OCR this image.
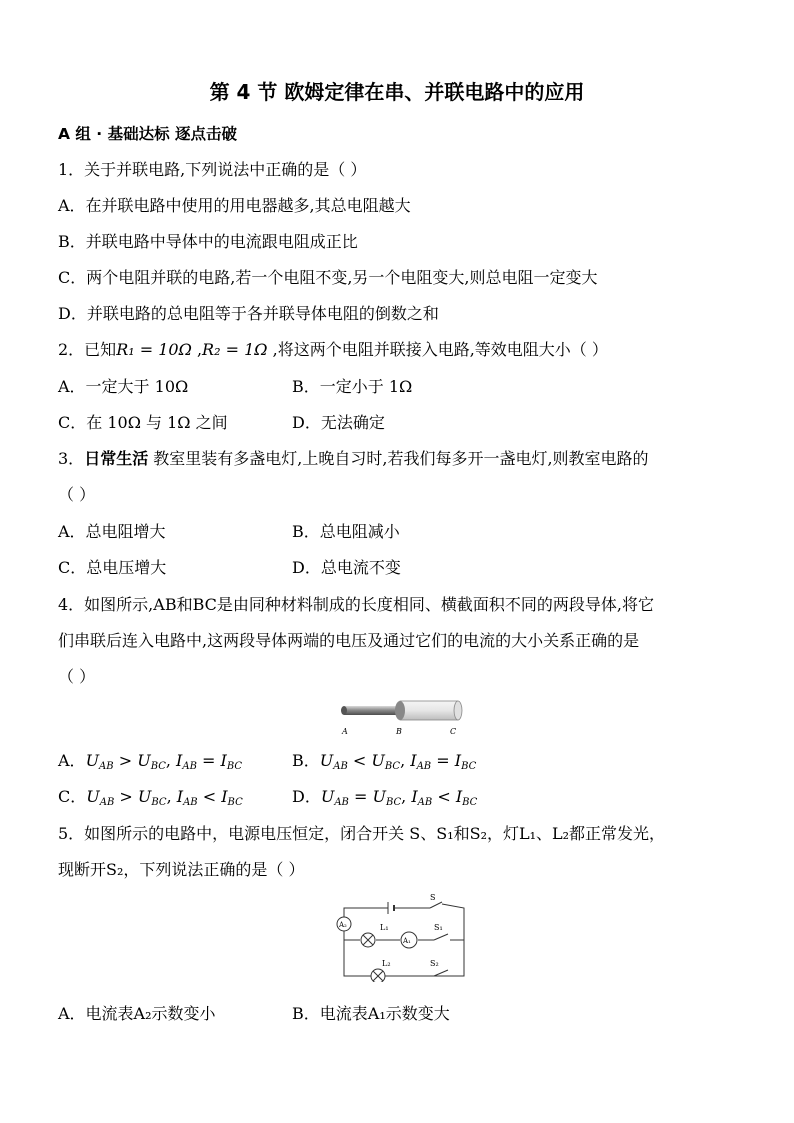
第 4 节 欧姆定律在串、并联电路中的应用
A 组 · 基础达标 逐点击破
1．关于并联电路,下列说法中正确的是（ ）
A．在并联电路中使用的用电器越多,其总电阻越大
B．并联电路中导体中的电流跟电阻成正比
C．两个电阻并联的电路,若一个电阻不变,另一个电阻变大,则总电阻一定变大
D．并联电路的总电阻等于各并联导体电阻的倒数之和
2．已知R₁ = 10Ω ,R₂ = 1Ω ,将这两个电阻并联接入电路,等效电阻大小（ ）
A．一定大于 10Ω	B．一定小于 1Ω
C．在 10Ω 与 1Ω 之间	D．无法确定
3．日常生活 教室里装有多盏电灯,上晚自习时,若我们每多开一盏电灯,则教室电路的
（ ）
A．总电阻增大	B．总电阻减小
C．总电压增大	D．总电流不变
4．如图所示,AB和BC是由同种材料制成的长度相同、横截面积不同的两段导体,将它
们串联后连入电路中,这两段导体两端的电压及通过它们的电流的大小关系正确的是
（ ）
A	B	C
A．$U_{AB} > U_{BC}$, $I_{AB} = I_{BC}$	B．$U_{AB} < U_{BC}$, $I_{AB} = I_{BC}$
C．$U_{AB} > U_{BC}$, $I_{AB} < I_{BC}$	D．$U_{AB} = U_{BC}$, $I_{AB} < I_{BC}$
5．如图所示的电路中，电源电压恒定，闭合开关 S、S₁和S₂，灯L₁、L₂都正常发光，
现断开S₂，下列说法正确的是（ ）
A₂	L₁
A₁
L₂
S
S₁
S₂
A．电流表A₂示数变小	B．电流表A₁示数变大
